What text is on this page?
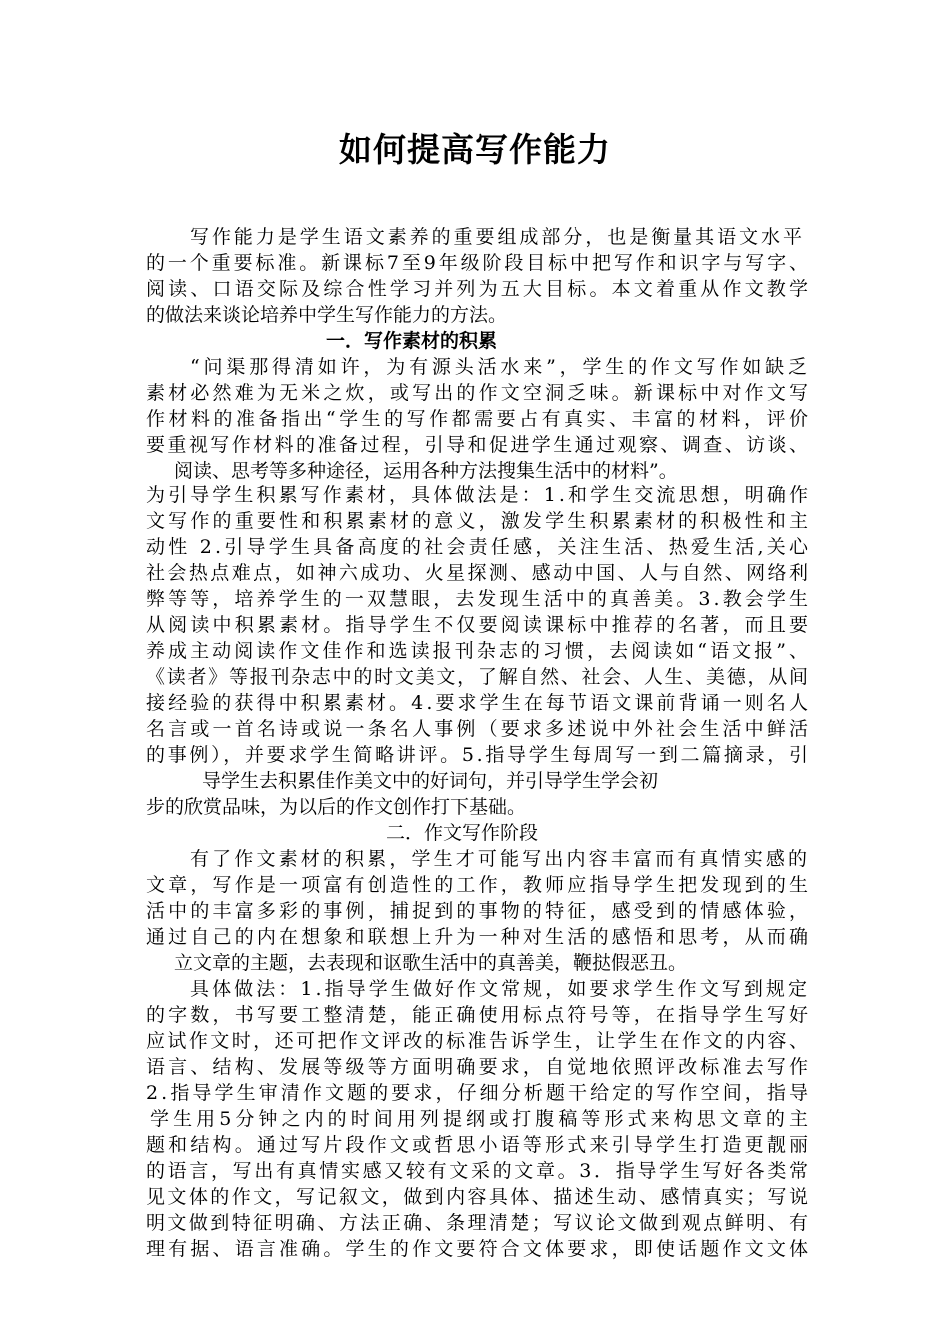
如何提高写作能力
写作能力是学生语文素养的重要组成部分，也是衡量其语文水平
的一个重要标准。新课标7至9年级阶段目标中把写作和识字与写字、
阅读、口语交际及综合性学习并列为五大目标。本文着重从作文教学
的做法来谈论培养中学生写作能力的方法。
一．写作素材的积累
“问渠那得清如许，为有源头活水来”，学生的作文写作如缺乏
素材必然难为无米之炊，或写出的作文空洞乏味。新课标中对作文写
作材料的准备指出“学生的写作都需要占有真实、丰富的材料，评价
要重视写作材料的准备过程，引导和促进学生通过观察、调查、访谈、
阅读、思考等多种途径，运用各种方法搜集生活中的材料”。
为引导学生积累写作素材，具体做法是：1.和学生交流思想，明确作
文写作的重要性和积累素材的意义，激发学生积累素材的积极性和主
动性 2.引导学生具备高度的社会责任感，关注生活、热爱生活,关心
社会热点难点，如神六成功、火星探测、感动中国、人与自然、网络利
弊等等，培养学生的一双慧眼，去发现生活中的真善美。3.教会学生
从阅读中积累素材。指导学生不仅要阅读课标中推荐的名著，而且要
养成主动阅读作文佳作和选读报刊杂志的习惯，去阅读如“语文报”、
《读者》等报刊杂志中的时文美文，了解自然、社会、人生、美德，从间
接经验的获得中积累素材。4.要求学生在每节语文课前背诵一则名人
名言或一首名诗或说一条名人事例（要求多述说中外社会生活中鲜活
的事例），并要求学生简略讲评。5.指导学生每周写一到二篇摘录，引
导学生去积累佳作美文中的好词句，并引导学生学会初
步的欣赏品味，为以后的作文创作打下基础。
二．作文写作阶段
有了作文素材的积累，学生才可能写出内容丰富而有真情实感的
文章，写作是一项富有创造性的工作，教师应指导学生把发现到的生
活中的丰富多彩的事例，捕捉到的事物的特征，感受到的情感体验，
通过自己的内在想象和联想上升为一种对生活的感悟和思考，从而确
立文章的主题，去表现和讴歌生活中的真善美，鞭挞假恶丑。
具体做法：1.指导学生做好作文常规，如要求学生作文写到规定
的字数，书写要工整清楚，能正确使用标点符号等，在指导学生写好
应试作文时，还可把作文评改的标准告诉学生，让学生在作文的内容、
语言、结构、发展等级等方面明确要求，自觉地依照评改标准去写作
2.指导学生审清作文题的要求，仔细分析题干给定的写作空间，指导
学生用5分钟之内的时间用列提纲或打腹稿等形式来构思文章的主
题和结构。通过写片段作文或哲思小语等形式来引导学生打造更靓丽
的语言，写出有真情实感又较有文采的文章。3．指导学生写好各类常
见文体的作文，写记叙文，做到内容具体、描述生动、感情真实；写说
明文做到特征明确、方法正确、条理清楚；写议论文做到观点鲜明、有
理有据、语言准确。学生的作文要符合文体要求，即使话题作文文体
